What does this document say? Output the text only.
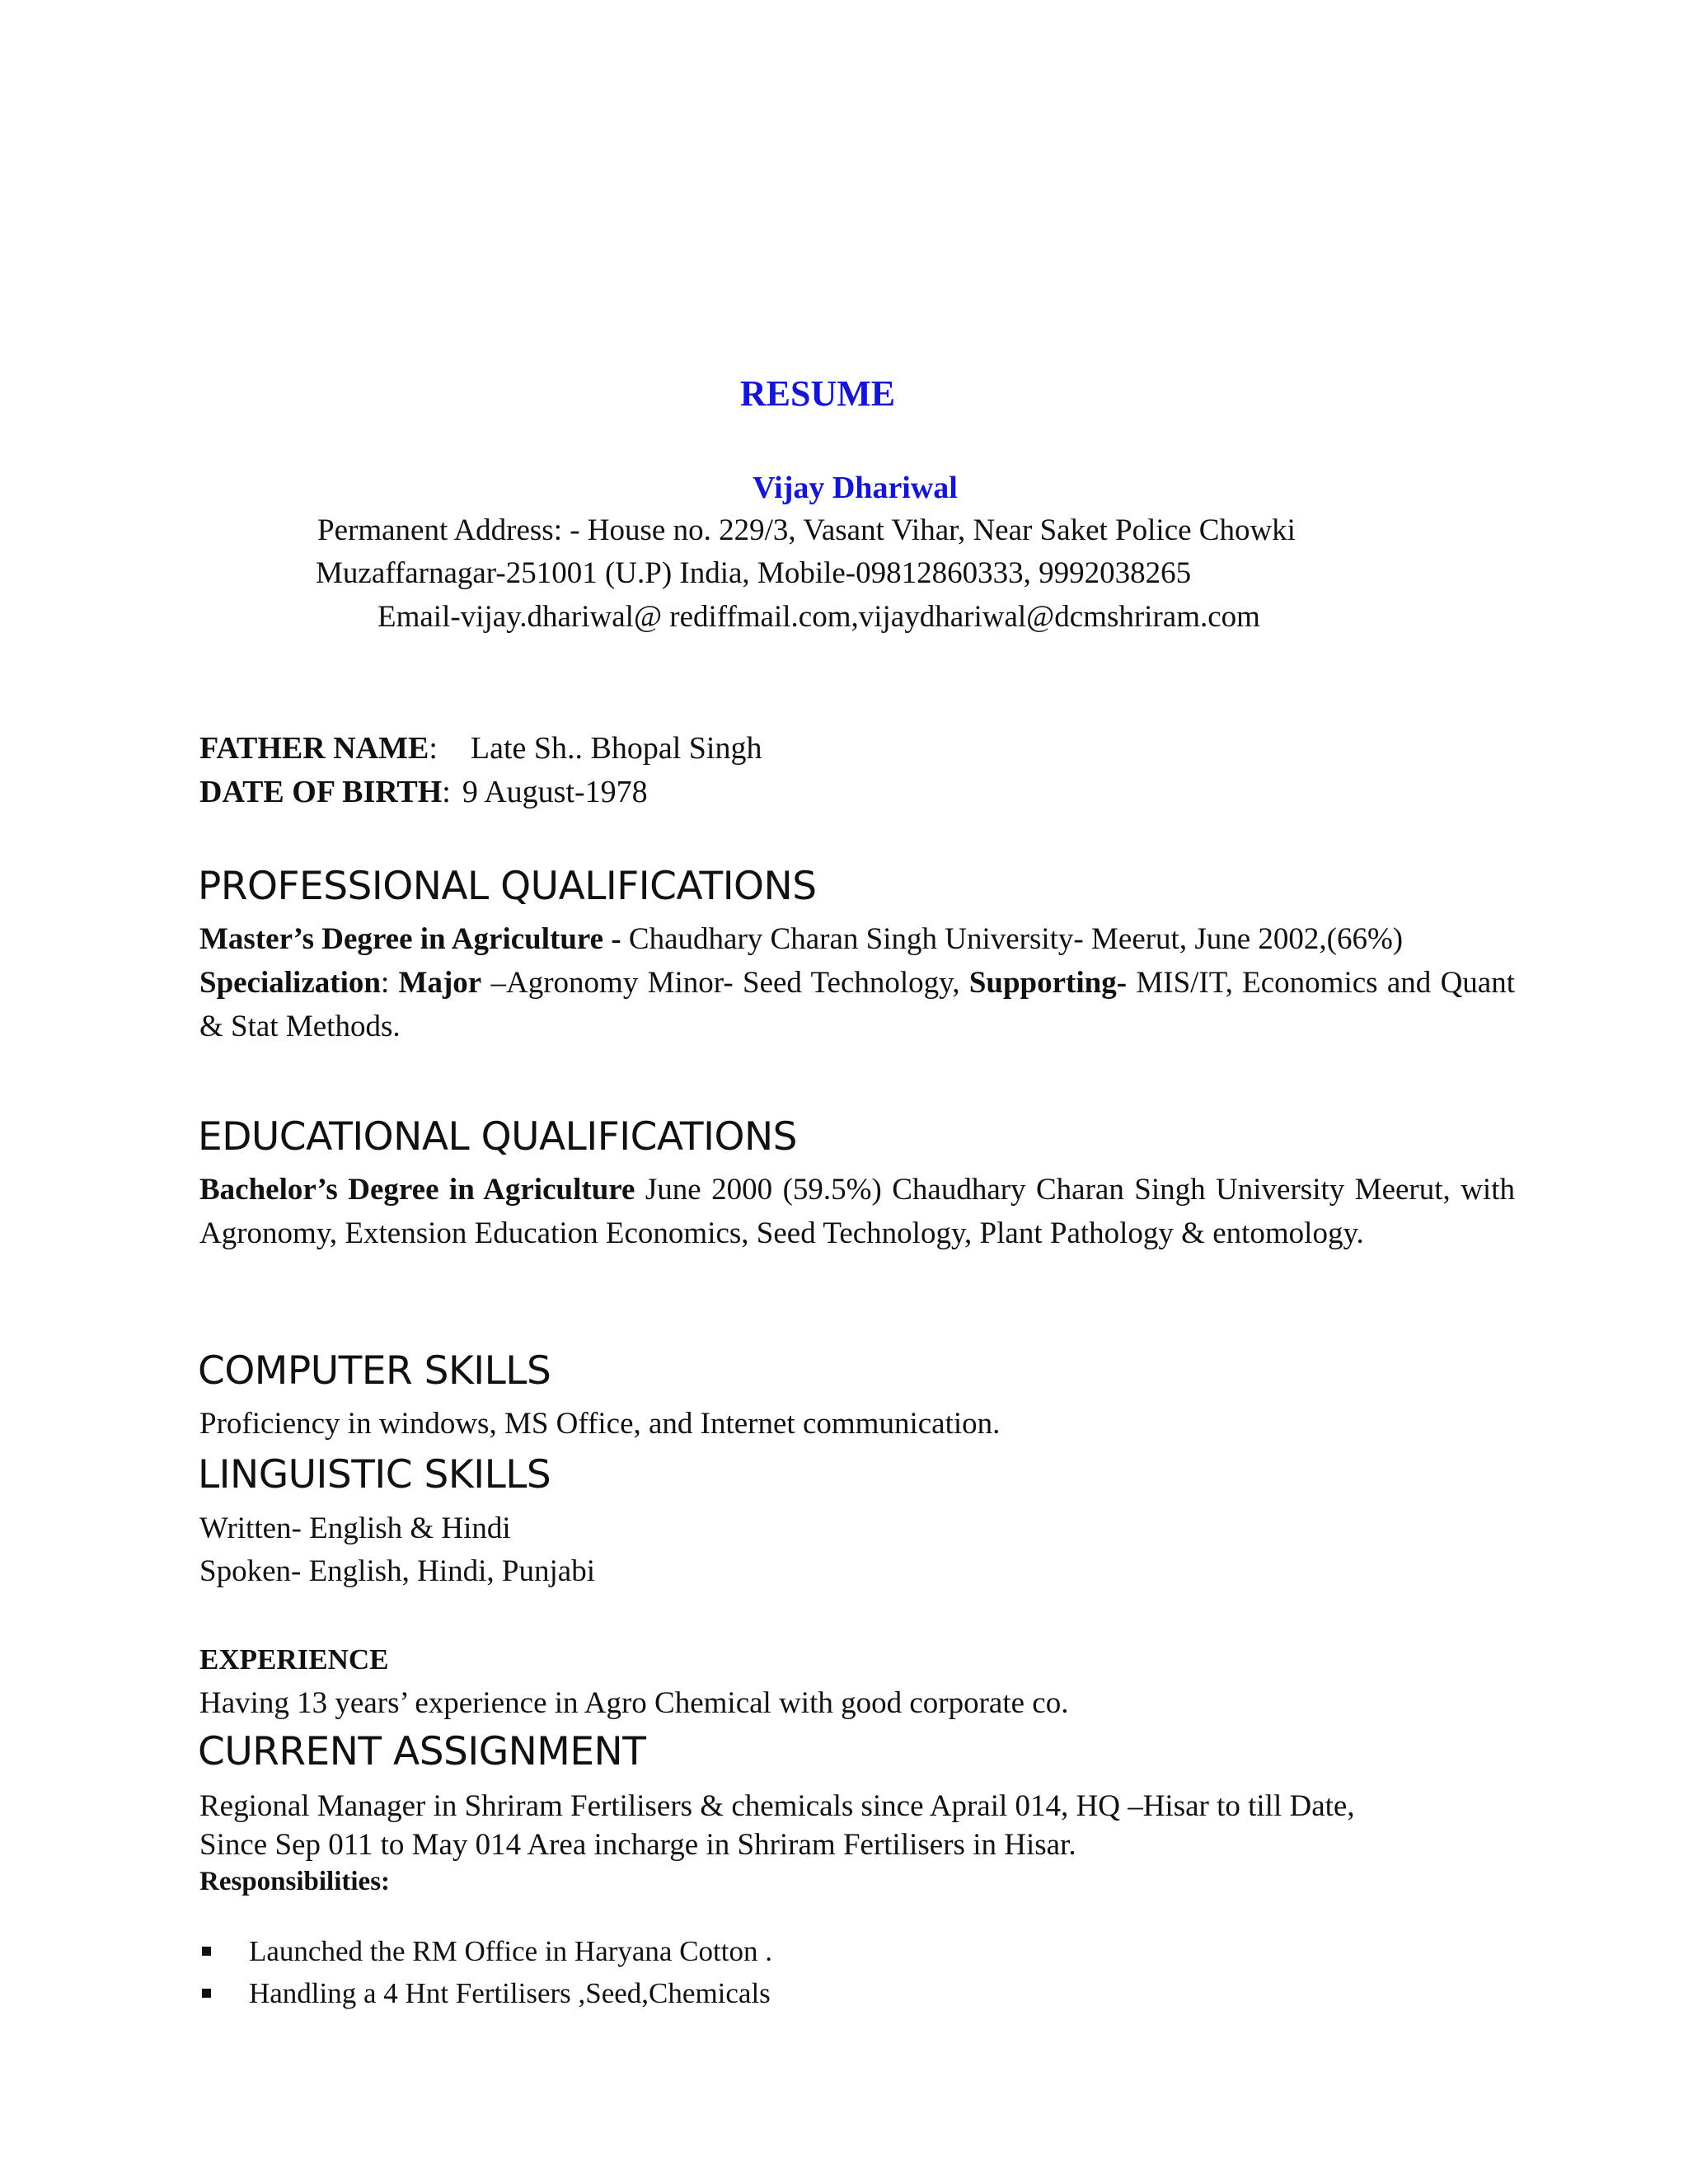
RESUME
Vijay Dhariwal

Permanent Address: - House no. 229/3, Vasant Vihar, Near Saket Police Chowki

Muzaffarnagar-251001 (U.P) India, Mobile-09812860333, 9992038265

Email-vijay.dhariwal@ rediffmail.com,vijaydhariwal@dcmshriram.com

FATHER NAME: Late Sh.. Bhopal Singh

DATE OF BIRTH: 9 August-1978

PROFESSIONAL QUALIFICATIONS

Master’s Degree in Agriculture - Chaudhary Charan Singh University- Meerut, June 2002,(66%)
Specialization: Major –Agronomy Minor- Seed Technology, Supporting- MIS/IT, Economics and Quant & Stat Methods.

EDUCATIONAL QUALIFICATIONS

Bachelor’s Degree in Agriculture June 2000 (59.5%) Chaudhary Charan Singh University Meerut, with Agronomy, Extension Education Economics, Seed Technology, Plant Pathology & entomology.

COMPUTER SKILLS

Proficiency in windows, MS Office, and Internet communication.

LINGUISTIC SKILLS

Written- English & Hindi

Spoken- English, Hindi, Punjabi

EXPERIENCE

Having 13 years’ experience in Agro Chemical with good corporate co.

CURRENT ASSIGNMENT

Regional Manager in Shriram Fertilisers & chemicals since Aprail 014, HQ –Hisar to till Date,

Since Sep 011 to May 014 Area incharge in Shriram Fertilisers in Hisar.

Responsibilities:

Launched the RM Office in Haryana Cotton .
Handling a 4 Hnt Fertilisers ,Seed,Chemicals
